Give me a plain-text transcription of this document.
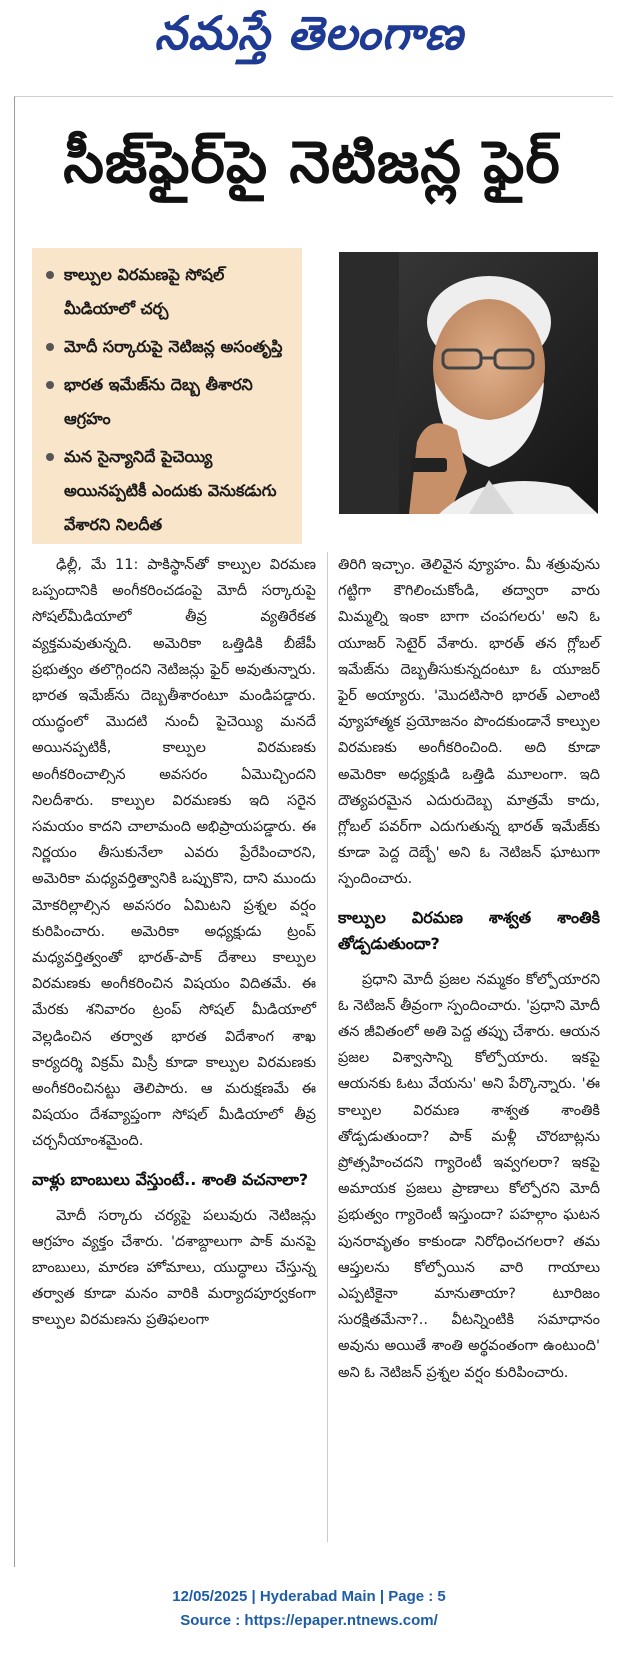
నమస్తే తెలంగాణ
సీజ్‌ఫైర్‌పై నెటిజన్ల ఫైర్
కాల్పుల విరమణపై సోషల్ మీడియాలో చర్చ
మోదీ సర్కారుపై నెటిజన్ల అసంతృప్తి
భారత ఇమేజ్‌ను దెబ్బ తీశారని ఆగ్రహం
మన సైన్యానిదే పైచెయ్యి అయినప్పటికీ ఎందుకు వెనుకడుగు వేశారని నిలదీత

ఢిల్లీ, మే 11: పాకిస్థాన్‌తో కాల్పుల విరమణ ఒప్పందానికి అంగీకరించడంపై మోదీ సర్కారుపై సోషల్‌మీడియాలో తీవ్ర వ్యతిరేకత వ్యక్తమవుతున్నది. అమెరికా ఒత్తిడికి బీజేపీ ప్రభుత్వం తలొగ్గిందని నెటిజన్లు ఫైర్ అవుతున్నారు. భారత ఇమేజ్‌ను దెబ్బతీశారంటూ మండిపడ్డారు. యుద్ధంలో మొదటి నుంచీ పైచెయ్యి మనదే అయినప్పటికీ, కాల్పుల విరమణకు అంగీకరించాల్సిన అవసరం ఏమొచ్చిందని నిలదీశారు. కాల్పుల విరమణకు ఇది సరైన సమయం కాదని చాలామంది అభిప్రాయపడ్డారు. ఈ నిర్ణయం తీసుకునేలా ఎవరు ప్రేరేపించారని, అమెరికా మధ్యవర్తిత్వానికి ఒప్పుకొని, దాని ముందు మోకరిల్లాల్సిన అవసరం ఏమిటని ప్రశ్నల వర్షం కురిపించారు. అమెరికా అధ్యక్షుడు ట్రంప్ మధ్యవర్తిత్వంతో భారత్-పాక్ దేశాలు కాల్పుల విరమణకు అంగీకరించిన విషయం విదితమే. ఈ మేరకు శనివారం ట్రంప్ సోషల్ మీడియాలో వెల్లడించిన తర్వాత భారత విదేశాంగ శాఖ కార్యదర్శి విక్రమ్ మిస్రీ కూడా కాల్పుల విరమణకు అంగీకరించినట్టు తెలిపారు. ఆ మరుక్షణమే ఈ విషయం దేశవ్యాప్తంగా సోషల్ మీడియాలో తీవ్ర చర్చనీయాంశమైంది.

వాళ్లు బాంబులు వేస్తుంటే.. శాంతి వచనాలా?

మోదీ సర్కారు చర్యపై పలువురు నెటిజన్లు ఆగ్రహం వ్యక్తం చేశారు. 'దశాబ్దాలుగా పాక్ మనపై బాంబులు, మారణ హోమాలు, యుద్ధాలు చేస్తున్న తర్వాత కూడా మనం వారికి మర్యాదపూర్వకంగా కాల్పుల విరమణను ప్రతిఫలంగా

తిరిగి ఇచ్చాం. తెలివైన వ్యూహం. మీ శత్రువును గట్టిగా కౌగిలించుకోండి, తద్వారా వారు మిమ్మల్ని ఇంకా బాగా చంపగలరు' అని ఓ యూజర్ సెటైర్ వేశారు. భారత్ తన గ్లోబల్ ఇమేజ్‌ను దెబ్బతీసుకున్నదంటూ ఓ యూజర్ ఫైర్ అయ్యారు. 'మొదటిసారి భారత్ ఎలాంటి వ్యూహాత్మక ప్రయోజనం పొందకుండానే కాల్పుల విరమణకు అంగీకరించింది. అది కూడా అమెరికా అధ్యక్షుడి ఒత్తిడి మూలంగా. ఇది దౌత్యపరమైన ఎదురుదెబ్బ మాత్రమే కాదు, గ్లోబల్ పవర్‌గా ఎదుగుతున్న భారత్ ఇమేజ్‌కు కూడా పెద్ద దెబ్బే' అని ఓ నెటిజన్ ఘాటుగా స్పందించారు.

కాల్పుల విరమణ శాశ్వత శాంతికి తోడ్పడుతుందా?

ప్రధాని మోదీ ప్రజల నమ్మకం కోల్పోయారని ఓ నెటిజన్ తీవ్రంగా స్పందించారు. 'ప్రధాని మోదీ తన జీవితంలో అతి పెద్ద తప్పు చేశారు. ఆయన ప్రజల విశ్వాసాన్ని కోల్పోయారు. ఇకపై ఆయనకు ఓటు వేయను' అని పేర్కొన్నారు. 'ఈ కాల్పుల విరమణ శాశ్వత శాంతికి తోడ్పడుతుందా? పాక్ మళ్లీ చొరబాట్లను ప్రోత్సహించదని గ్యారెంటీ ఇవ్వగలరా? ఇకపై అమాయక ప్రజలు ప్రాణాలు కోల్పోరని మోదీ ప్రభుత్వం గ్యారెంటీ ఇస్తుందా? పహల్గాం ఘటన పునరావృతం కాకుండా నిరోధించగలరా? తమ ఆప్తులను కోల్పోయిన వారి గాయాలు ఎప్పటికైనా మానుతాయా? టూరిజం సురక్షితమేనా?.. వీటన్నింటికి సమాధానం అవును అయితే శాంతి అర్థవంతంగా ఉంటుంది' అని ఓ నెటిజన్ ప్రశ్నల వర్షం కురిపించారు.

12/05/2025 | Hyderabad Main | Page : 5
Source : https://epaper.ntnews.com/
